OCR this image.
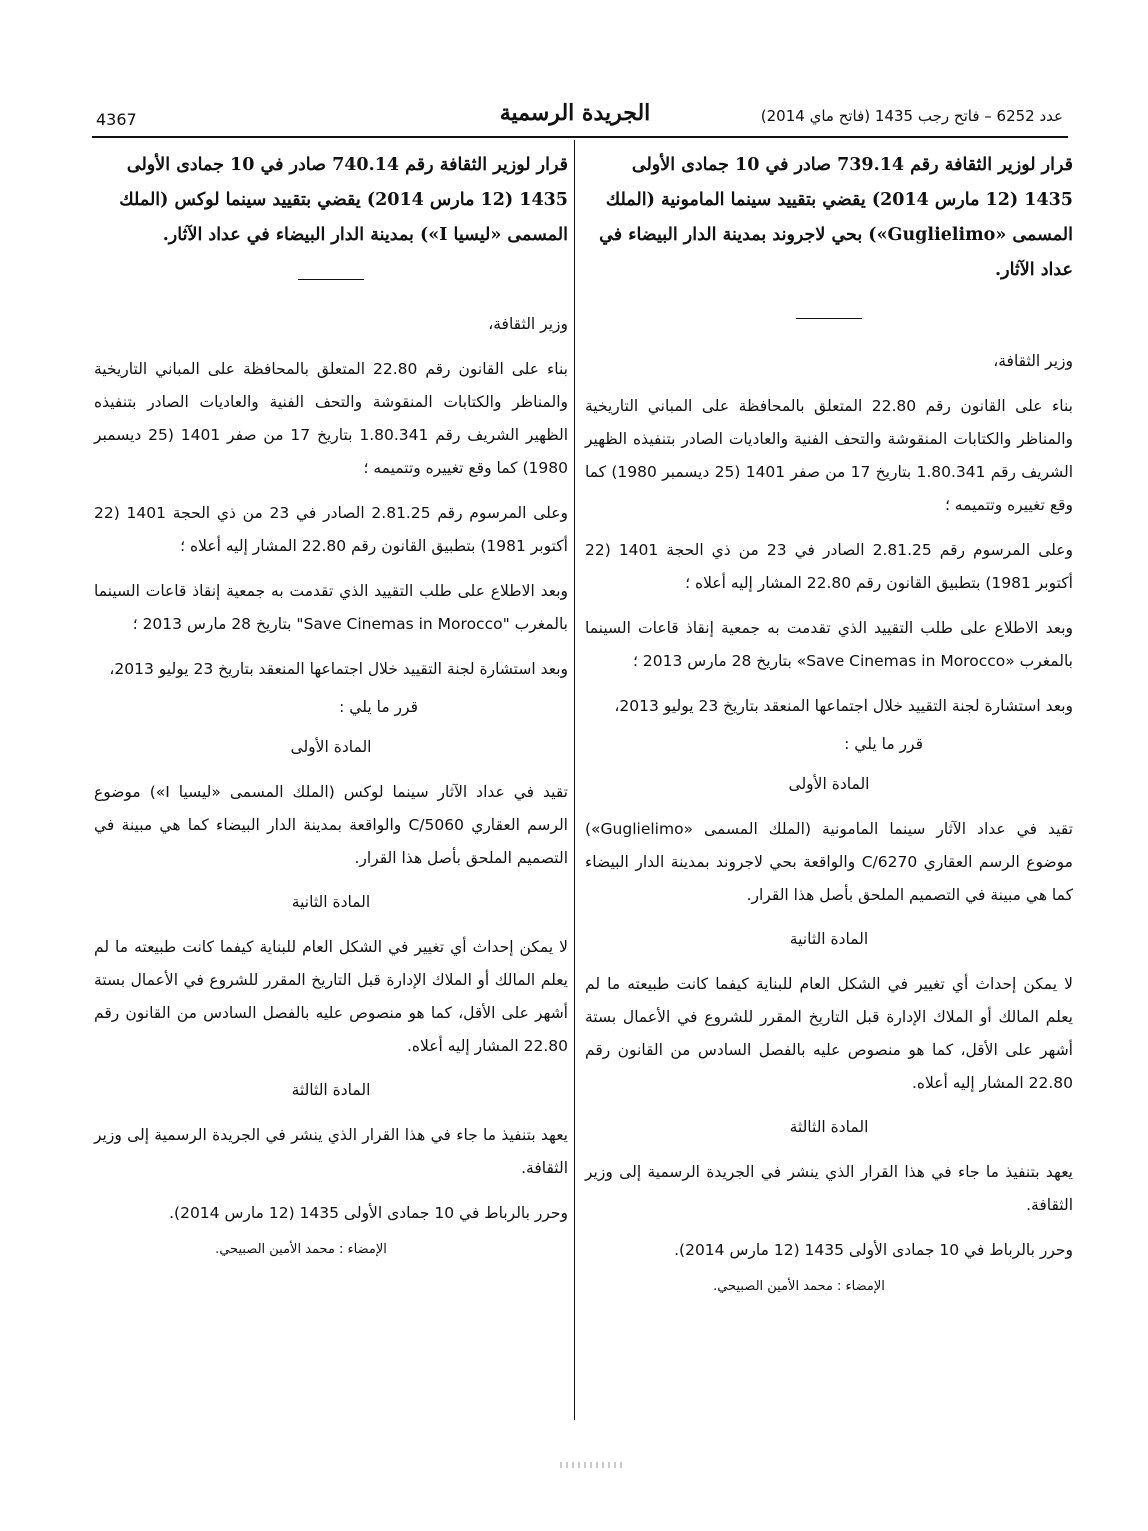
4367	الجريدة الرسمية	عدد 6252 – فاتح رجب 1435 (فاتح ماي 2014)

قرار لوزير الثقافة رقم 739.14 صادر في 10 جمادى الأولى 1435 (12 مارس 2014) يقضي بتقييد سينما المامونية (الملك المسمى «Guglielimo») بحي لاجروند بمدينة الدار البيضاء في عداد الآثار.

وزير الثقافة،

بناء على القانون رقم 22.80 المتعلق بالمحافظة على المباني التاريخية والمناظر والكتابات المنقوشة والتحف الفنية والعاديات الصادر بتنفيذه الظهير الشريف رقم 1.80.341 بتاريخ 17 من صفر 1401 (25 ديسمبر 1980) كما وقع تغييره وتتميمه ؛

وعلى المرسوم رقم 2.81.25 الصادر في 23 من ذي الحجة 1401 (22 أكتوبر 1981) بتطبيق القانون رقم 22.80 المشار إليه أعلاه ؛

وبعد الاطلاع على طلب التقييد الذي تقدمت به جمعية إنقاذ قاعات السينما بالمغرب «Save Cinemas in Morocco» بتاريخ 28 مارس 2013 ؛

وبعد استشارة لجنة التقييد خلال اجتماعها المنعقد بتاريخ 23 يوليو 2013،

قرر ما يلي :

المادة الأولى

تقيد في عداد الآثار سينما المامونية (الملك المسمى «Guglielimo») موضوع الرسم العقاري C/6270 والواقعة بحي لاجروند بمدينة الدار البيضاء كما هي مبينة في التصميم الملحق بأصل هذا القرار.

المادة الثانية

لا يمكن إحداث أي تغيير في الشكل العام للبناية كيفما كانت طبيعته ما لم يعلم المالك أو الملاك الإدارة قبل التاريخ المقرر للشروع في الأعمال بستة أشهر على الأقل، كما هو منصوص عليه بالفصل السادس من القانون رقم 22.80 المشار إليه أعلاه.

المادة الثالثة

يعهد بتنفيذ ما جاء في هذا القرار الذي ينشر في الجريدة الرسمية إلى وزير الثقافة.

وحرر بالرباط في 10 جمادى الأولى 1435 (12 مارس 2014).

الإمضاء : محمد الأمين الصبيحي.

قرار لوزير الثقافة رقم 740.14 صادر في 10 جمادى الأولى 1435 (12 مارس 2014) يقضي بتقييد سينما لوكس (الملك المسمى «ليسيا I») بمدينة الدار البيضاء في عداد الآثار.

وزير الثقافة،

بناء على القانون رقم 22.80 المتعلق بالمحافظة على المباني التاريخية والمناظر والكتابات المنقوشة والتحف الفنية والعاديات الصادر بتنفيذه الظهير الشريف رقم 1.80.341 بتاريخ 17 من صفر 1401 (25 ديسمبر 1980) كما وقع تغييره وتتميمه ؛

وعلى المرسوم رقم 2.81.25 الصادر في 23 من ذي الحجة 1401 (22 أكتوبر 1981) بتطبيق القانون رقم 22.80 المشار إليه أعلاه ؛

وبعد الاطلاع على طلب التقييد الذي تقدمت به جمعية إنقاذ قاعات السينما بالمغرب "Save Cinemas in Morocco" بتاريخ 28 مارس 2013 ؛

وبعد استشارة لجنة التقييد خلال اجتماعها المنعقد بتاريخ 23 يوليو 2013،

قرر ما يلي :

المادة الأولى

تقيد في عداد الآثار سينما لوكس (الملك المسمى «ليسيا I») موضوع الرسم العقاري C/5060 والواقعة بمدينة الدار البيضاء كما هي مبينة في التصميم الملحق بأصل هذا القرار.

المادة الثانية

لا يمكن إحداث أي تغيير في الشكل العام للبناية كيفما كانت طبيعته ما لم يعلم المالك أو الملاك الإدارة قبل التاريخ المقرر للشروع في الأعمال بستة أشهر على الأقل، كما هو منصوص عليه بالفصل السادس من القانون رقم 22.80 المشار إليه أعلاه.

المادة الثالثة

يعهد بتنفيذ ما جاء في هذا القرار الذي ينشر في الجريدة الرسمية إلى وزير الثقافة.

وحرر بالرباط في 10 جمادى الأولى 1435 (12 مارس 2014).

الإمضاء : محمد الأمين الصبيحي.
